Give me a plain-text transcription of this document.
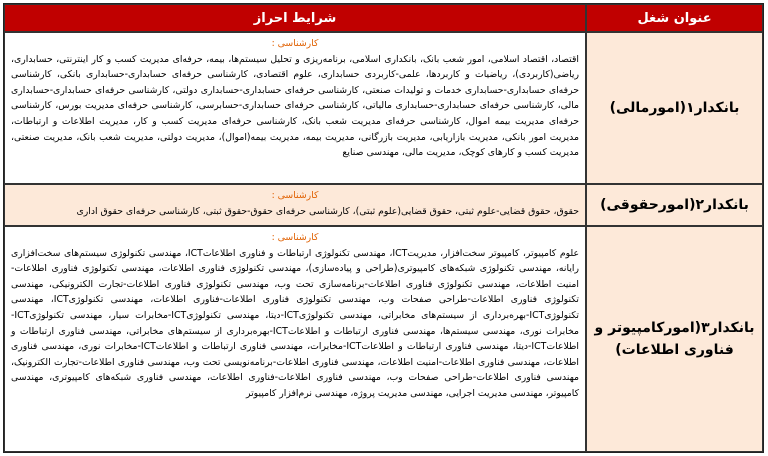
عنوان شغل
شرایط احراز
بانکدار۱(امورمالی)
کارشناسی :
اقتصاد، اقتصاد اسلامی، امور شعب بانک، بانکداری اسلامی، برنامه‌ریزی و تحلیل سیستم‌ها، بیمه، حرفه‌ای مدیریت کسب و کار اینترنتی، حسابداری، ریاضی(کاربردی)، ریاضیات و کاربردها، علمی-کاربردی حسابداری، علوم اقتصادی، کارشناسی حرفه‌ای حسابداری-حسابداری بانکی، کارشناسی حرفه‌ای حسابداری-حسابداری خدمات و تولیدات صنعتی، کارشناسی حرفه‌ای حسابداری-حسابداری دولتی، کارشناسی حرفه‌ای حسابداری-حسابداری مالی، کارشناسی حرفه‌ای حسابداری-حسابداری مالیاتی، کارشناسی حرفه‌ای حسابداری-حسابرسی، کارشناسی حرفه‌ای مدیریت بورس، کارشناسی حرفه‌ای مدیریت بیمه اموال، کارشناسی حرفه‌ای مدیریت شعب بانک، کارشناسی حرفه‌ای مدیریت کسب و کار، مدیریت اطلاعات و ارتباطات، مدیریت امور بانکی، مدیریت بازاریابی، مدیریت بازرگانی، مدیریت بیمه، مدیریت بیمه(اموال)، مدیریت دولتی، مدیریت شعب بانک، مدیریت صنعتی، مدیریت کسب و کارهای کوچک، مدیریت مالی، مهندسی صنایع
بانکدار۲(امورحقوقی)
کارشناسی :
حقوق، حقوق قضایی-علوم ثبتی، حقوق قضایی(علوم ثبتی)، کارشناسی حرفه‌ای حقوق-حقوق ثبتی، کارشناسی حرفه‌ای حقوق اداری
بانکدار۳(امورکامپیوتر و فناوری اطلاعات)
کارشناسی :
علوم کامپیوتر، کامپیوتر سخت‌افزار، مدیریتICT، مهندسی تکنولوژی ارتباطات و فناوری اطلاعاتICT، مهندسی تکنولوژی سیستم‌های سخت‌افزاری رایانه، مهندسی تکنولوژی شبکه‌های کامپیوتری(طراحی و پیاده‌سازی)، مهندسی تکنولوژی فناوری اطلاعات، مهندسی تکنولوژی فناوری اطلاعات-امنیت اطلاعات، مهندسی تکنولوژی فناوری اطلاعات-برنامه‌سازی تحت وب، مهندسی تکنولوژی فناوری اطلاعات-تجارت الکترونیکی، مهندسی تکنولوژی فناوری اطلاعات-طراحی صفحات وب، مهندسی تکنولوژی فناوری اطلاعات-فناوری اطلاعات، مهندسی تکنولوژیICT، مهندسی تکنولوژیICT-بهره‌برداری از سیستم‌های مخابراتی، مهندسی تکنولوژیICT-دیتا، مهندسی تکنولوژیICT-مخابرات سیار، مهندسی تکنولوژیICT-مخابرات نوری، مهندسی سیستم‌ها، مهندسی فناوری ارتباطات و اطلاعاتICT-بهره‌برداری از سیستم‌های مخابراتی، مهندسی فناوری ارتباطات و اطلاعاتICT-دیتا، مهندسی فناوری ارتباطات و اطلاعاتICT-مخابرات، مهندسی فناوری ارتباطات و اطلاعاتICT-مخابرات نوری، مهندسی فناوری اطلاعات، مهندسی فناوری اطلاعات-امنیت اطلاعات، مهندسی فناوری اطلاعات-برنامه‌نویسی تحت وب، مهندسی فناوری اطلاعات-تجارت الکترونیک، مهندسی فناوری اطلاعات-طراحی صفحات وب، مهندسی فناوری اطلاعات-فناوری اطلاعات، مهندسی فناوری شبکه‌های کامپیوتری، مهندسی کامپیوتر، مهندسی مدیریت اجرایی، مهندسی مدیریت پروژه، مهندسی نرم‌افزار کامپیوتر
